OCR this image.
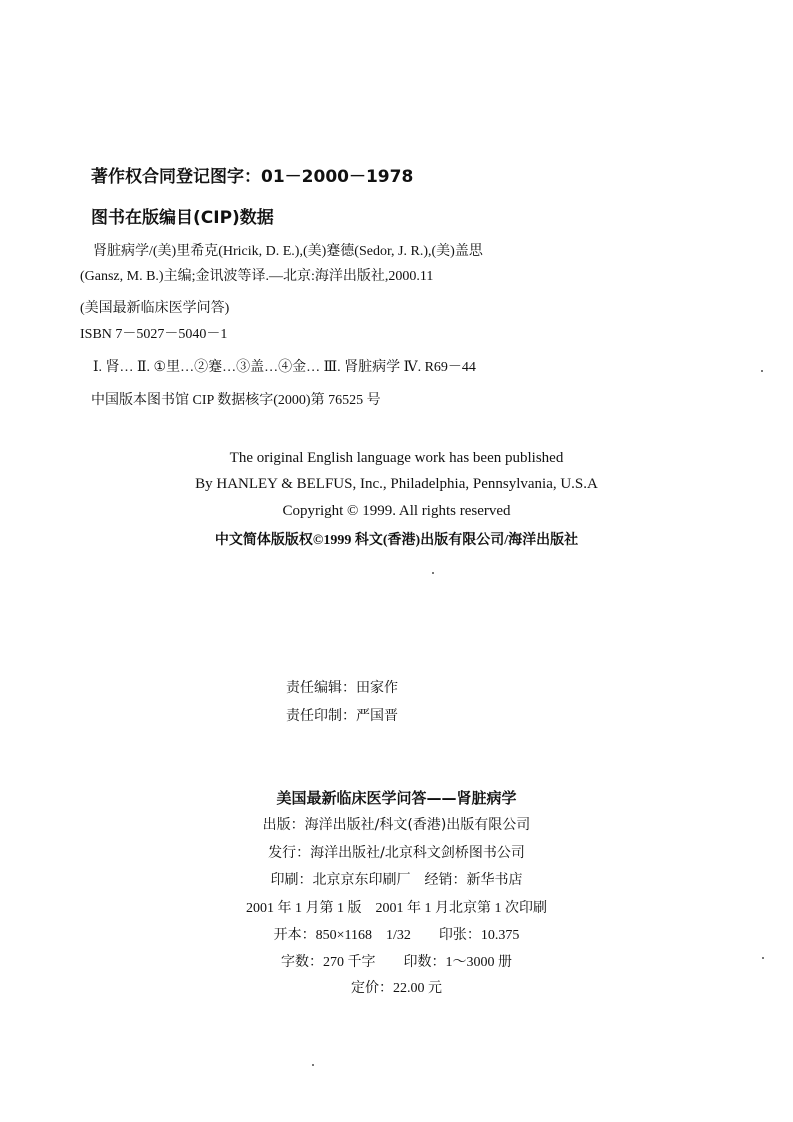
著作权合同登记图字：01－2000－1978
图书在版编目(CIP)数据
肾脏病学/(美)里希克(Hricik, D. E.),(美)蹇德(Sedor, J. R.),(美)盖思
(Gansz, M. B.)主编;金讯波等译.—北京:海洋出版社,2000.11
(美国最新临床医学问答)
ISBN 7－5027－5040－1
Ⅰ. 肾… Ⅱ. ①里…②蹇…③盖…④金… Ⅲ. 肾脏病学 Ⅳ. R69－44
中国版本图书馆 CIP 数据核字(2000)第 76525 号
The original English language work has been published
By HANLEY & BELFUS, Inc., Philadelphia, Pennsylvania, U.S.A
Copyright © 1999. All rights reserved
中文简体版版权©1999 科文(香港)出版有限公司/海洋出版社
责任编辑：田家作
责任印制：严国晋
美国最新临床医学问答——肾脏病学
出版：海洋出版社/科文(香港)出版有限公司
发行：海洋出版社/北京科文剑桥图书公司
印刷：北京京东印刷厂　经销：新华书店
2001 年 1 月第 1 版　2001 年 1 月北京第 1 次印刷
开本：850×1168　1/32　　印张：10.375
字数：270 千字　　印数：1～3000 册
定价：22.00 元
